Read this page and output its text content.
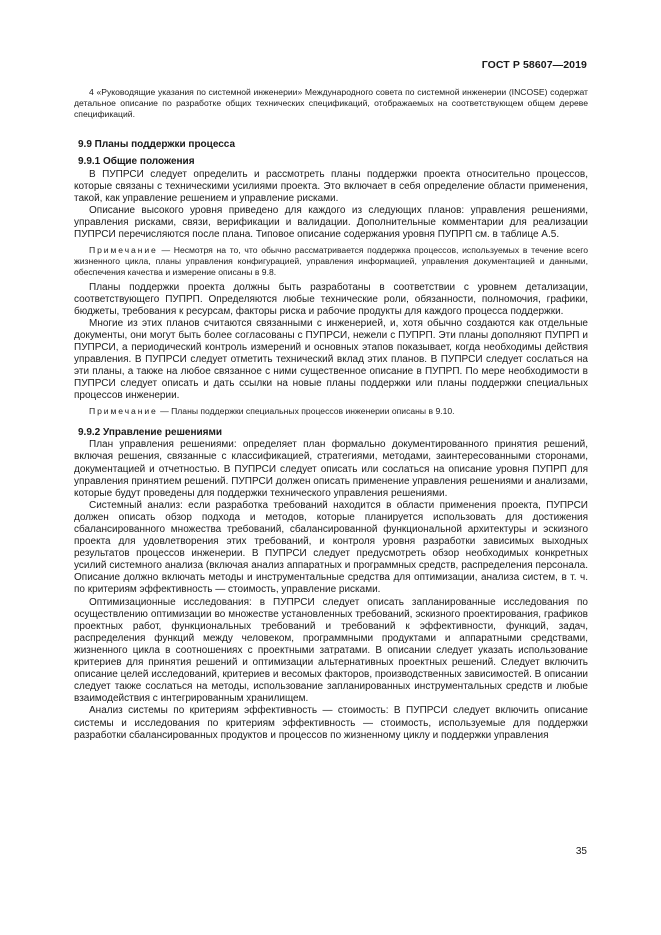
ГОСТ Р 58607—2019

4 «Руководящие указания по системной инженерии» Международного совета по системной инженерии (INCOSE) содержат детальное описание по разработке общих технических спецификаций, отображаемых на соответствующем общем дереве спецификаций.

9.9 Планы поддержки процесса
9.9.1 Общие положения

В ПУПРСИ следует определить и рассмотреть планы поддержки проекта относительно процессов, которые связаны с техническими усилиями проекта. Это включает в себя определение области применения, такой, как управление решением и управление рисками.

Описание высокого уровня приведено для каждого из следующих планов: управления решениями, управления рисками, связи, верификации и валидации. Дополнительные комментарии для реализации ПУПРСИ перечисляются после плана. Типовое описание содержания уровня ПУПРП см. в таблице А.5.

Примечание — Несмотря на то, что обычно рассматривается поддержка процессов, используемых в течение всего жизненного цикла, планы управления конфигурацией, управления информацией, управления документацией и данными, обеспечения качества и измерение описаны в 9.8.

Планы поддержки проекта должны быть разработаны в соответствии с уровнем детализации, соответствующего ПУПРП. Определяются любые технические роли, обязанности, полномочия, графики, бюджеты, требования к ресурсам, факторы риска и рабочие продукты для каждого процесса поддержки.

Многие из этих планов считаются связанными с инженерией, и, хотя обычно создаются как отдельные документы, они могут быть более согласованы с ПУПРСИ, нежели с ПУПРП. Эти планы дополняют ПУПРП и ПУПРСИ, а периодический контроль измерений и основных этапов показывает, когда необходимы действия управления. В ПУПРСИ следует отметить технический вклад этих планов. В ПУПРСИ следует сослаться на эти планы, а также на любое связанное с ними существенное описание в ПУПРП. По мере необходимости в ПУПРСИ следует описать и дать ссылки на новые планы поддержки или планы поддержки специальных процессов инженерии.

Примечание — Планы поддержки специальных процессов инженерии описаны в 9.10.

9.9.2 Управление решениями

План управления решениями: определяет план формально документированного принятия решений, включая решения, связанные с классификацией, стратегиями, методами, заинтересованными сторонами, документацией и отчетностью. В ПУПРСИ следует описать или сослаться на описание уровня ПУПРП для управления принятием решений. ПУПРСИ должен описать применение управления решениями и анализами, которые будут проведены для поддержки технического управления решениями.

Системный анализ: если разработка требований находится в области применения проекта, ПУПРСИ должен описать обзор подхода и методов, которые планируется использовать для достижения сбалансированного множества требований, сбалансированной функциональной архитектуры и эскизного проекта для удовлетворения этих требований, и контроля уровня разработки зависимых выходных результатов процессов инженерии. В ПУПРСИ следует предусмотреть обзор необходимых конкретных усилий системного анализа (включая анализ аппаратных и программных средств, распределения персонала. Описание должно включать методы и инструментальные средства для оптимизации, анализа систем, в т. ч. по критериям эффективность — стоимость, управление рисками.

Оптимизационные исследования: в ПУПРСИ следует описать запланированные исследования по осуществлению оптимизации во множестве установленных требований, эскизного проектирования, графиков проектных работ, функциональных требований и требований к эффективности, функций, задач, распределения функций между человеком, программными продуктами и аппаратными средствами, жизненного цикла в соотношениях с проектными затратами. В описании следует указать использование критериев для принятия решений и оптимизации альтернативных проектных решений. Следует включить описание целей исследований, критериев и весомых факторов, производственных зависимостей. В описании следует также сослаться на методы, использование запланированных инструментальных средств и любые взаимодействия с интегрированным хранилищем.

Анализ системы по критериям эффективность — стоимость: В ПУПРСИ следует включить описание системы и исследования по критериям эффективность — стоимость, используемые для поддержки разработки сбалансированных продуктов и процессов по жизненному циклу и поддержки управления

35
